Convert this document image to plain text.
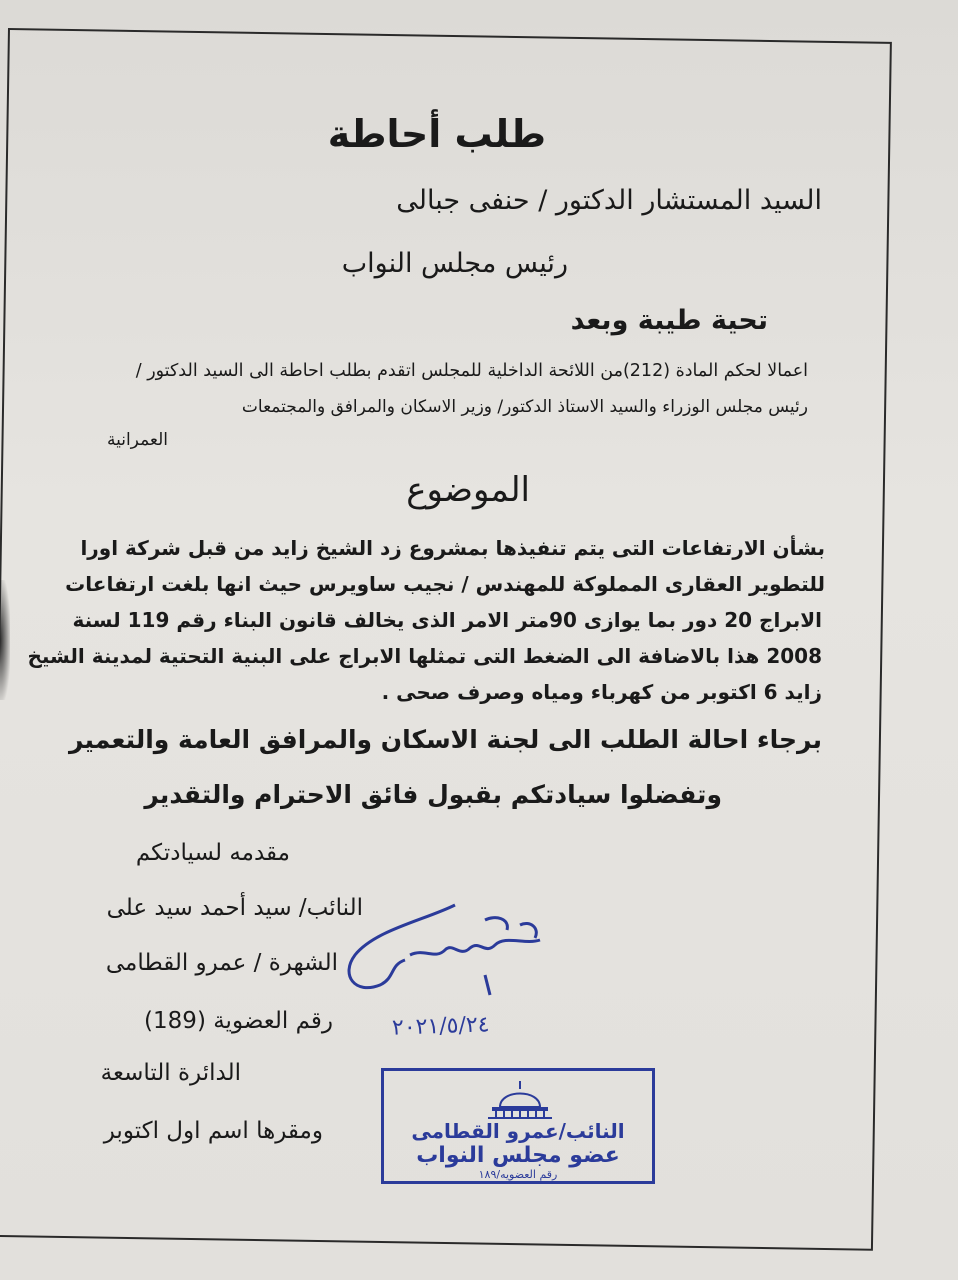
طلب أحاطة
السيد المستشار الدكتور / حنفى جبالى
رئيس مجلس النواب
تحية طيبة وبعد
اعمالا لحكم المادة (212)من اللائحة الداخلية للمجلس اتقدم بطلب احاطة الى السيد الدكتور /
رئيس مجلس الوزراء والسيد الاستاذ الدكتور/ وزير الاسكان والمرافق والمجتمعات
العمرانية
الموضوع
بشأن الارتفاعات التى يتم تنفيذها بمشروع زد الشيخ زايد من قبل شركة اورا
للتطوير العقارى المملوكة للمهندس / نجيب ساويرس حيث انها بلغت ارتفاعات
الابراج 20 دور بما يوازى 90متر الامر الذى يخالف قانون البناء رقم 119 لسنة
2008 هذا بالاضافة الى الضغط التى تمثلها الابراج على البنية التحتية لمدينة الشيخ
زايد 6 اكتوبر من كهرباء ومياه وصرف صحى .
برجاء احالة الطلب الى لجنة الاسكان والمرافق العامة والتعمير
وتفضلوا سيادتكم بقبول فائق الاحترام والتقدير
مقدمه لسيادتكم
النائب/ سيد أحمد سيد على
الشهرة / عمرو القطامى
رقم العضوية (189)
الدائرة التاسعة
ومقرها اسم اول اكتوبر
٢٠٢١/٥/٢٤
النائب/عمرو القطامى
عضو مجلس النواب
رقم العضويه/١٨٩
